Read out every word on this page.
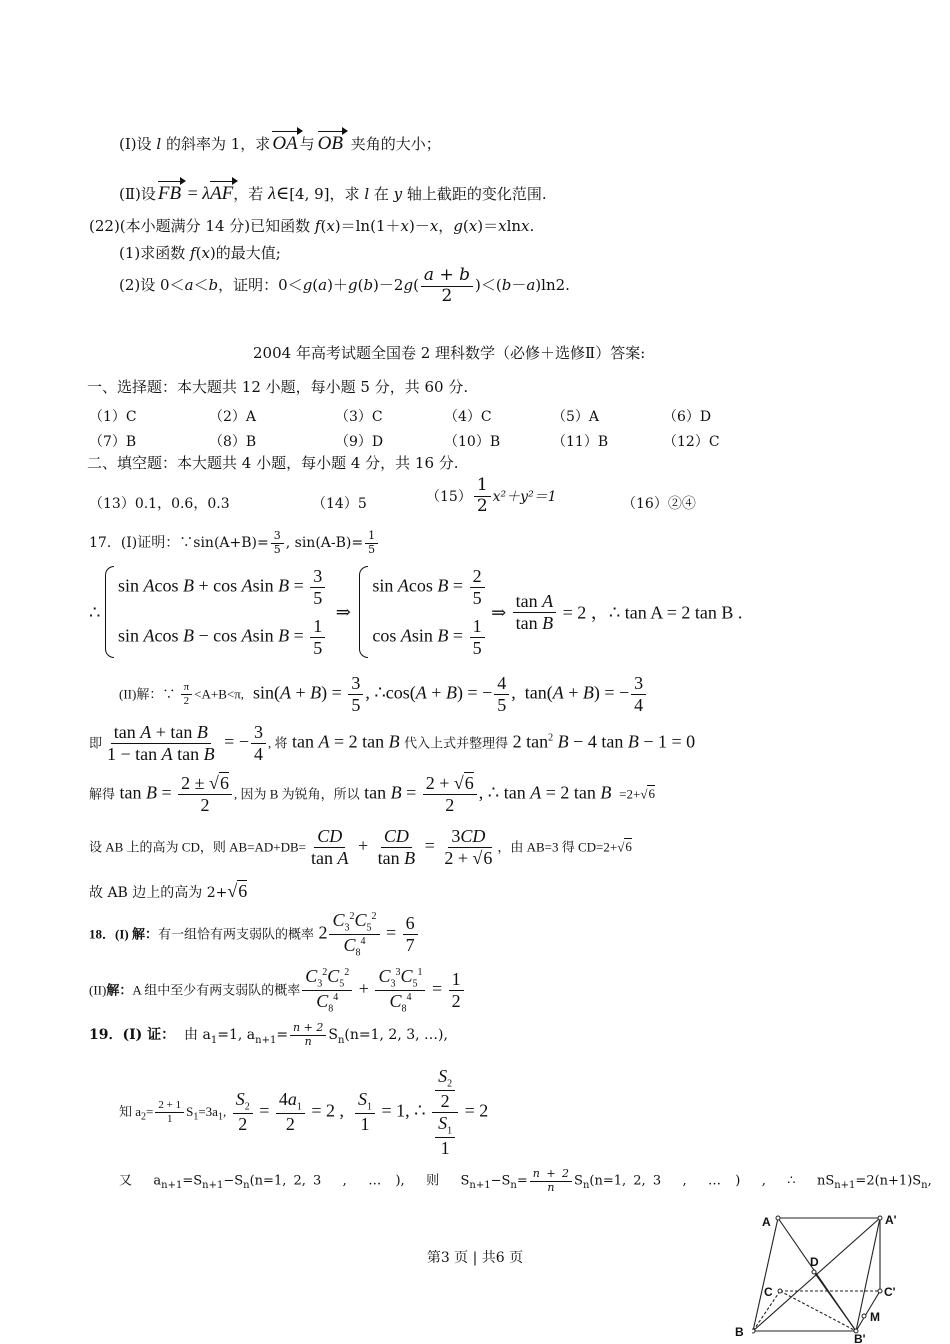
(Ⅰ)设 l 的斜率为 1，求 OA 与 OB 夹角的大小；
(Ⅱ)设 FB = λAF，若 λ∈[4, 9]，求 l 在 y 轴上截距的变化范围.
(22)(本小题满分 14 分)已知函数 f(x)＝ln(1＋x)－x，g(x)＝xlnx.
(1)求函数 f(x)的最大值;
(2)设 0＜a＜b，证明：$0<g(a)+g(b)-2g( \frac{a + b}{2} )<(b-a)\ln 2$.
2004 年高考试题全国卷 2 理科数学（必修＋选修Ⅱ）答案:
一、选择题：本大题共 12 小题，每小题 5 分，共 60 分.
（1）C	（2）A	（3）C	（4）C	（5）A	（6）D
（7）B	（8）B	（9）D	（10）B	（11）B	（12）C
二、填空题：本大题共 4 小题，每小题 4 分，共 16 分.
（13）0.1，0.6，0.3	（14）5	$(15) \frac{1}{2} x^2+y^2=1$	（16）②④
17．(I)证明：∵sin(A+B)= $\frac{3}{5}$ , $\sin(A-B)= \frac{1}{5}$
∴
sin Acos B + cos Asin $B = \frac{3}{5}$
sin Acos B − cos Asin $B = \frac{1}{5}$
⇒
sin Acos $B = \frac{2}{5}$
cos Asin $B = \frac{1}{5}$
⇒ $\frac{\text{tan A}}{\text{tan B}} = 2$ ，∴ tan A = 2 tan B .
(II)解：∵ $\frac{\pi}{2} <A+B<\pi$,  $\sin(A + B) = \frac{3}{5}$ , ∴cos(A + B) = − $\frac{4}{5}$ ,  tan(A + B) = − $\frac{3}{4}$
即 $\frac{\text{tan A + tan B}}{\text{1 − tan A tan B}}$ = − $\frac{3}{4}$ , 将 tan A = 2 tan B 代入上式并整理得 2 $\tan^2 B - 4$ tan B − 1 = 0
解得 $\tan B = \frac{2 \pm √6}{2}$ , 因为 B 为锐角，所以 $\tan B = \frac{2 + √6}{2}$ , ∴ tan A = 2 tan B  =2+√6
设 AB 上的高为 CD，则 $AB=AD+DB= \frac{CD}{\text{tan A}} + \frac{CD}{\text{tan B}} = \frac{3CD}{2 + √6}$ ，由 AB=3 得 CD=2+√6
故 AB 边上的高为 2+√6
18．(I) 解：有一组恰有两支弱队的概率 $2 \frac{C_3^2C_5^2}{C_8^4} = \frac{6}{7}$
(II)解：A 组中至少有两支弱队的概率 $\frac{C_3^2C_5^2}{C_8^4} + \frac{C_3^3C_5^1}{C_8^4} = \frac{1}{2}$
19．(I) 证：  由 $a_1=1$, $a_{n+1}= \frac{n + 2}{n} S_n(n=1$, 2, 3, …),
知 $a_2= \frac{2 + 1}{1} S_1=3a_1$, $\frac{S_2}{2} = \frac{4a_1}{2} = 2$ , $\frac{S_1}{1} = 1$, ∴ $\frac{\frac{S_2}{2}}{\frac{S_1}{1}} = 2$
又   $a_{n+1}=S_{n+1}-S_n(n=1$, 2, 3   ,   …  ),   则   $S_{n+1}-S_n= \frac{n + 2}{n} S_n(n=1$, 2, 3   ,   …  )   ,   ∴   $nS_{n+1}=2(n+1)S_n$,
第3 页 | 共6 页
A	A'
D
C	C'
M
B'
B
